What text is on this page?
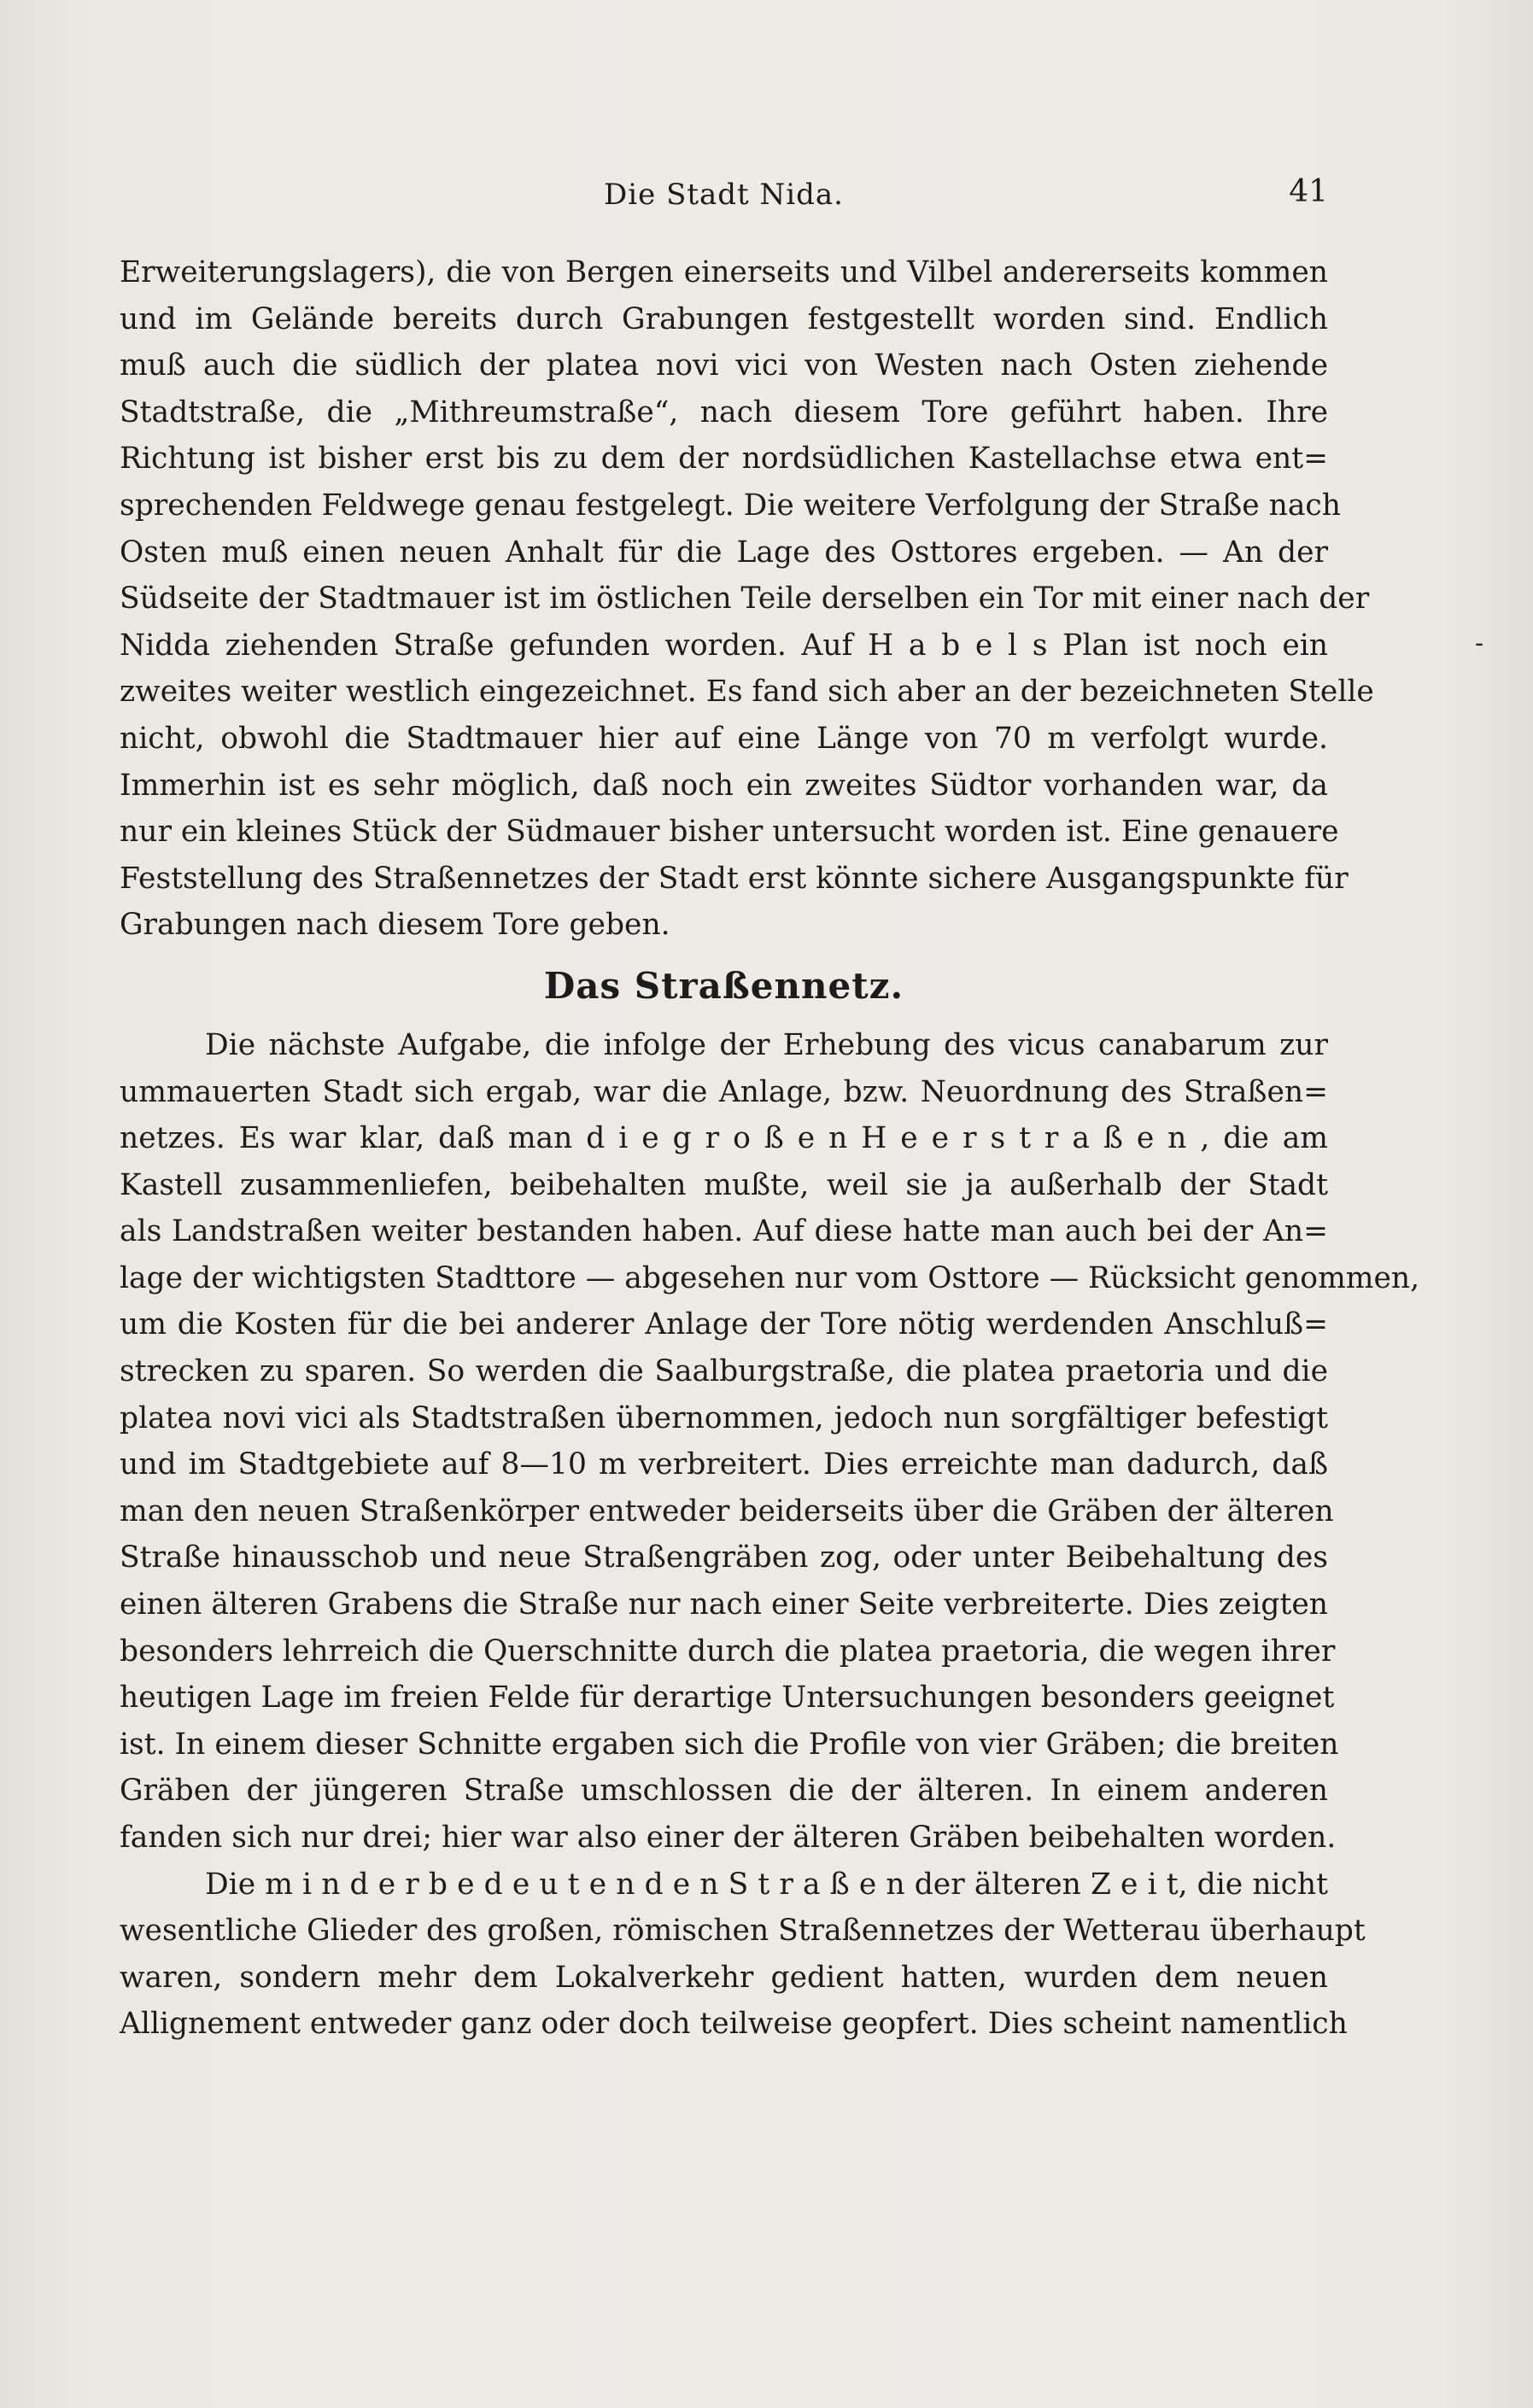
Die Stadt Nida.	41
-
Erweiterungslagers), die von Bergen einerseits und Vilbel andererseits kommen
und im Gelände bereits durch Grabungen festgestellt worden sind. Endlich
muß auch die südlich der platea novi vici von Westen nach Osten ziehende
Stadtstraße, die „Mithreumstraße“, nach diesem Tore geführt haben. Ihre
Richtung ist bisher erst bis zu dem der nordsüdlichen Kastellachse etwa ent=
sprechenden Feldwege genau festgelegt. Die weitere Verfolgung der Straße nach
Osten muß einen neuen Anhalt für die Lage des Osttores ergeben. — An der
Südseite der Stadtmauer ist im östlichen Teile derselben ein Tor mit einer nach der
Nidda ziehenden Straße gefunden worden. Auf H a b e l s Plan ist noch ein
zweites weiter westlich eingezeichnet. Es fand sich aber an der bezeichneten Stelle
nicht, obwohl die Stadtmauer hier auf eine Länge von 70 m verfolgt wurde.
Immerhin ist es sehr möglich, daß noch ein zweites Südtor vorhanden war, da
nur ein kleines Stück der Südmauer bisher untersucht worden ist. Eine genauere
Feststellung des Straßennetzes der Stadt erst könnte sichere Ausgangspunkte für
Grabungen nach diesem Tore geben.
Das Straßennetz.
Die nächste Aufgabe, die infolge der Erhebung des vicus canabarum zur
ummauerten Stadt sich ergab, war die Anlage, bzw. Neuordnung des Straßen=
netzes. Es war klar, daß man d i e g r o ß e n H e e r s t r a ß e n , die am
Kastell zusammenliefen, beibehalten mußte, weil sie ja außerhalb der Stadt
als Landstraßen weiter bestanden haben. Auf diese hatte man auch bei der An=
lage der wichtigsten Stadttore — abgesehen nur vom Osttore — Rücksicht genommen,
um die Kosten für die bei anderer Anlage der Tore nötig werdenden Anschluß=
strecken zu sparen. So werden die Saalburgstraße, die platea praetoria und die
platea novi vici als Stadtstraßen übernommen, jedoch nun sorgfältiger befestigt
und im Stadtgebiete auf 8—10 m verbreitert. Dies erreichte man dadurch, daß
man den neuen Straßenkörper entweder beiderseits über die Gräben der älteren
Straße hinausschob und neue Straßengräben zog, oder unter Beibehaltung des
einen älteren Grabens die Straße nur nach einer Seite verbreiterte. Dies zeigten
besonders lehrreich die Querschnitte durch die platea praetoria, die wegen ihrer
heutigen Lage im freien Felde für derartige Untersuchungen besonders geeignet
ist. In einem dieser Schnitte ergaben sich die Profile von vier Gräben; die breiten
Gräben der jüngeren Straße umschlossen die der älteren. In einem anderen
fanden sich nur drei; hier war also einer der älteren Gräben beibehalten worden.
Die m i n d e r b e d e u t e n d e n S t r a ß e n der älteren Z e i t, die nicht
wesentliche Glieder des großen, römischen Straßennetzes der Wetterau überhaupt
waren, sondern mehr dem Lokalverkehr gedient hatten, wurden dem neuen
Allignement entweder ganz oder doch teilweise geopfert. Dies scheint namentlich
